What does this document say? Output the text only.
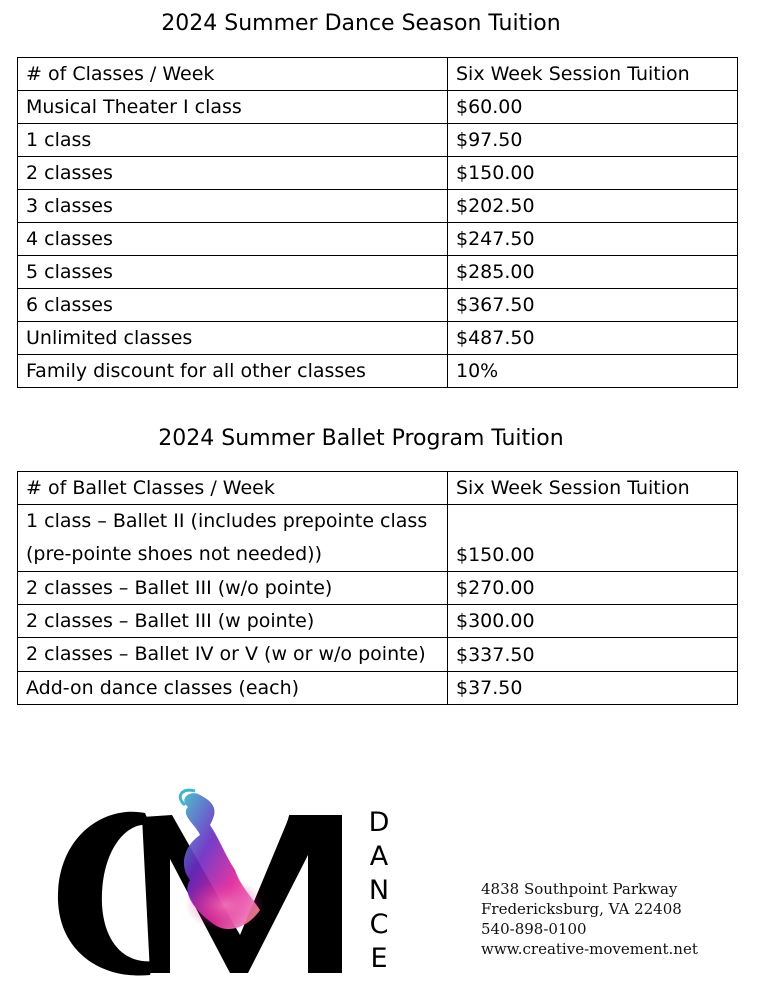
2024 Summer Dance Season Tuition
# of Classes / Week	Six Week Session Tuition
Musical Theater I class	$60.00
1 class	$97.50
2 classes	$150.00
3 classes	$202.50
4 classes	$247.50
5 classes	$285.00
6 classes	$367.50
Unlimited classes	$487.50
Family discount for all other classes	10%
2024 Summer Ballet Program Tuition
# of Ballet Classes / Week	Six Week Session Tuition
1 class – Ballet II (includes prepointe class (pre-pointe shoes not needed))	$150.00
2 classes – Ballet III (w/o pointe)	$270.00
2 classes – Ballet III (w pointe)	$300.00
2 classes – Ballet IV or V (w or w/o pointe)	$337.50
Add-on dance classes (each)	$37.50
D
A
N
C
E
4838 Southpoint Parkway
Fredericksburg, VA 22408
540-898-0100
www.creative-movement.net
